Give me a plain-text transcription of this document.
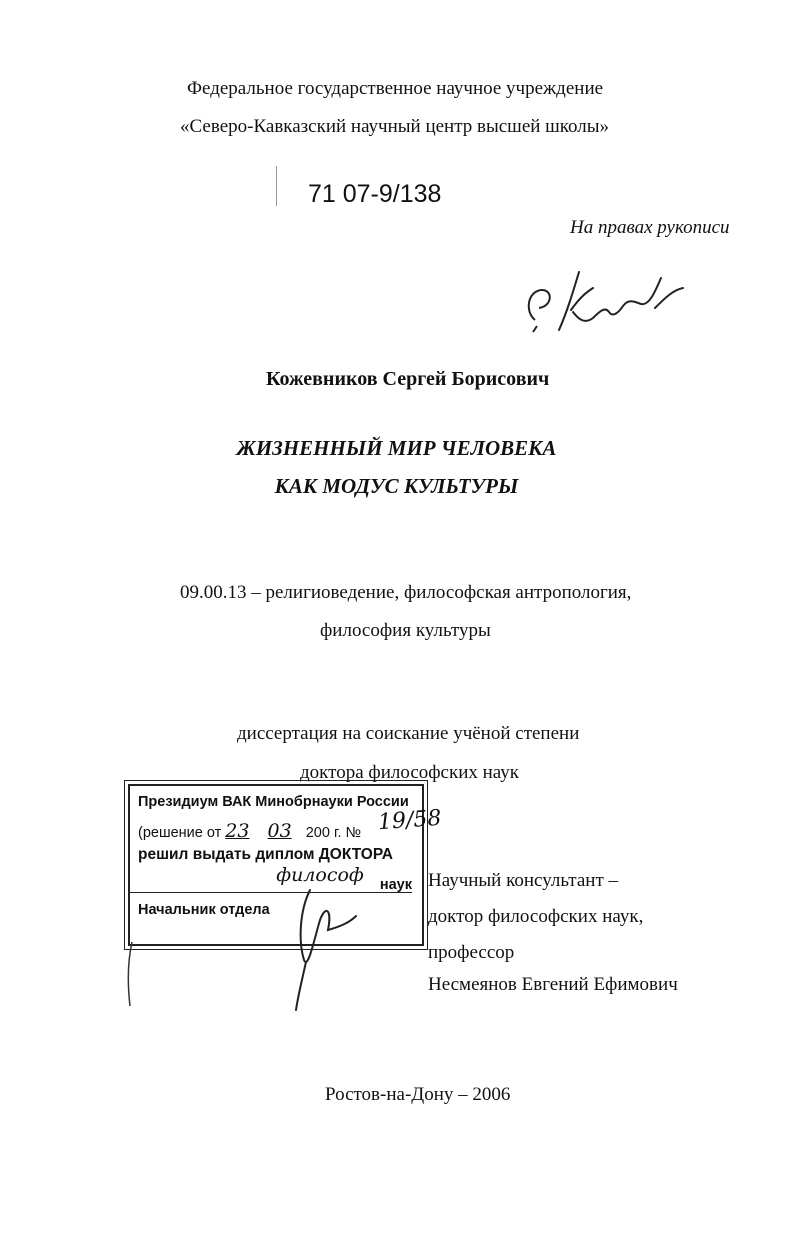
Федеральное государственное научное учреждение
«Северо-Кавказский научный центр высшей школы»
71 07-9/138
На правах рукописи
Кожевников Сергей Борисович
ЖИЗНЕННЫЙ МИР ЧЕЛОВЕКА
КАК МОДУС КУЛЬТУРЫ
09.00.13 – религиоведение, философская антропология,
философия культуры
диссертация на соискание учёной степени
доктора философских наук
Президиум ВАК Минобрнауки России
(решение от 23 03 200 г. №
решил выдать диплом ДОКТОРА
философ наук
Начальник отдела
19/58
Научный консультант –
доктор философских наук,
профессор
Несмеянов Евгений Ефимович
Ростов-на-Дону – 2006
